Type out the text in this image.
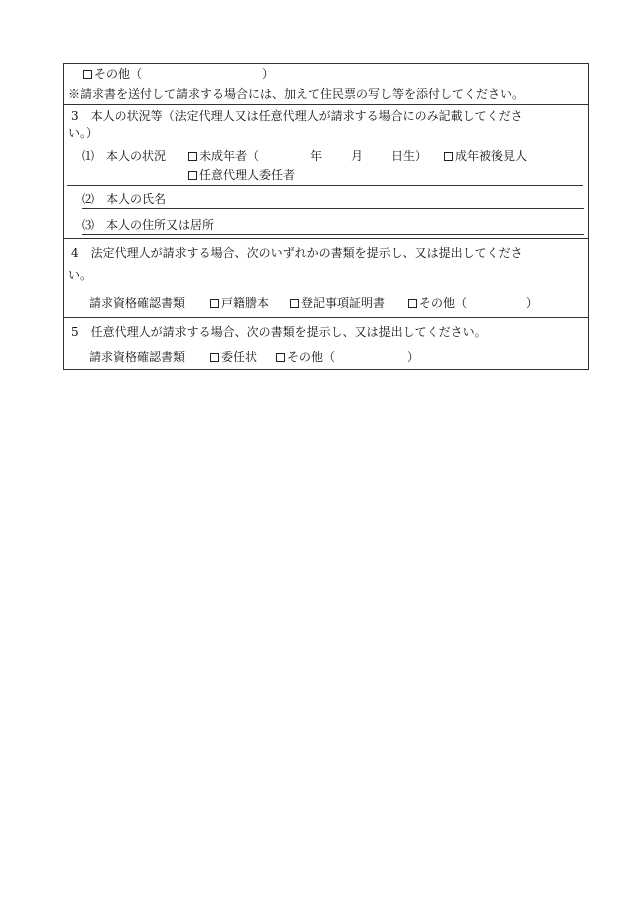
その他（	）
※請求書を送付して請求する場合には、加えて住民票の写し等を添付してください。
3　本人の状況等（法定代理人又は任意代理人が請求する場合にのみ記載してくださ
い。）
⑴　本人の状況	未成年者（	年 月 日生）	成年被後見人
任意代理人委任者
⑵　本人の氏名
⑶　本人の住所又は居所
4　法定代理人が請求する場合、次のいずれかの書類を提示し、又は提出してくださ
い。
請求資格確認書類	戸籍謄本	登記事項証明書	その他（	）
5　任意代理人が請求する場合、次の書類を提示し、又は提出してください。
請求資格確認書類	委任状	その他（	）
